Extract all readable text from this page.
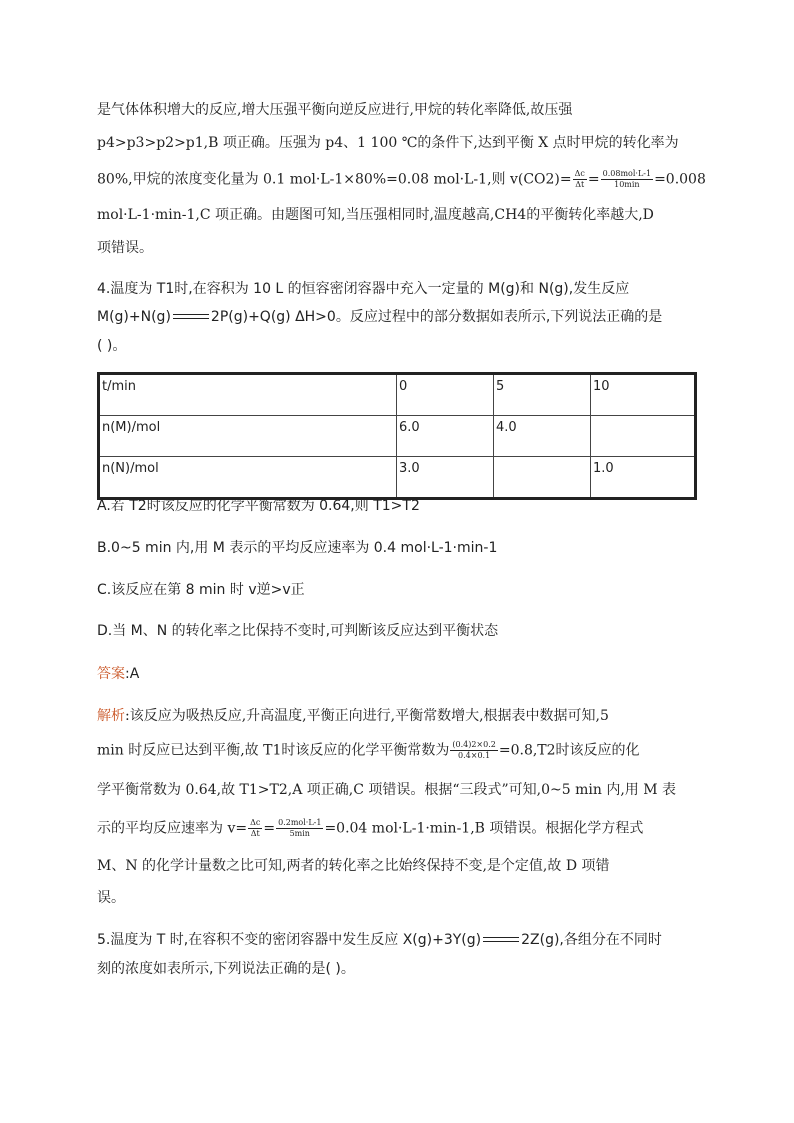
是气体体积增大的反应,增大压强平衡向逆反应进行,甲烷的转化率降低,故压强
p4>p3>p2>p1,B 项正确。压强为 p4、1 100 ℃的条件下,达到平衡 X 点时甲烷的转化率为
80%,甲烷的浓度变化量为 0.1 mol·L-1×80%=0.08 mol·L-1,则 $v(CO2)= \frac{\Delta c}{\Delta t} = \frac{\text{0.08mol·L-1}}{10\min} =0.008$
mol·L-1·min-1,C 项正确。由题图可知,当压强相同时,温度越高,CH4的平衡转化率越大,D
项错误。
4.温度为 T1时,在容积为 10 L 的恒容密闭容器中充入一定量的 M(g)和 N(g),发生反应
M(g)+N(g)	2P(g)+Q(g) ΔH>0。反应过程中的部分数据如表所示,下列说法正确的是
( )。
t/min	0	5	10
n(M)/mol	6.0	4.0	
n(N)/mol	3.0		1.0
A.若 T2时该反应的化学平衡常数为 0.64,则 T1>T2
B.0~5 min 内,用 M 表示的平均反应速率为 0.4 mol·L-1·min-1
C.该反应在第 8 min 时 v逆>v正
D.当 M、N 的转化率之比保持不变时,可判断该反应达到平衡状态
答案:A
解析:该反应为吸热反应,升高温度,平衡正向进行,平衡常数增大,根据表中数据可知,5
min 时反应已达到平衡,故 T1时该反应的化学平衡常数为 $\frac{(0.4)2\times 0.2}{0.4\times 0.1} =0.8,T2$时该反应的化
学平衡常数为 0.64,故 T1>T2,A 项正确,C 项错误。根据“三段式”可知,0~5 min 内,用 M 表
示的平均反应速率为 $v= \frac{\Delta c}{\Delta t} = \frac{\text{0.2mol·L-1}}{5\min} =0.04$ mol·L-1·min-1,B 项错误。根据化学方程式
M、N 的化学计量数之比可知,两者的转化率之比始终保持不变,是个定值,故 D 项错
误。
5.温度为 T 时,在容积不变的密闭容器中发生反应 X(g)+3Y(g)	2Z(g),各组分在不同时
刻的浓度如表所示,下列说法正确的是( )。
